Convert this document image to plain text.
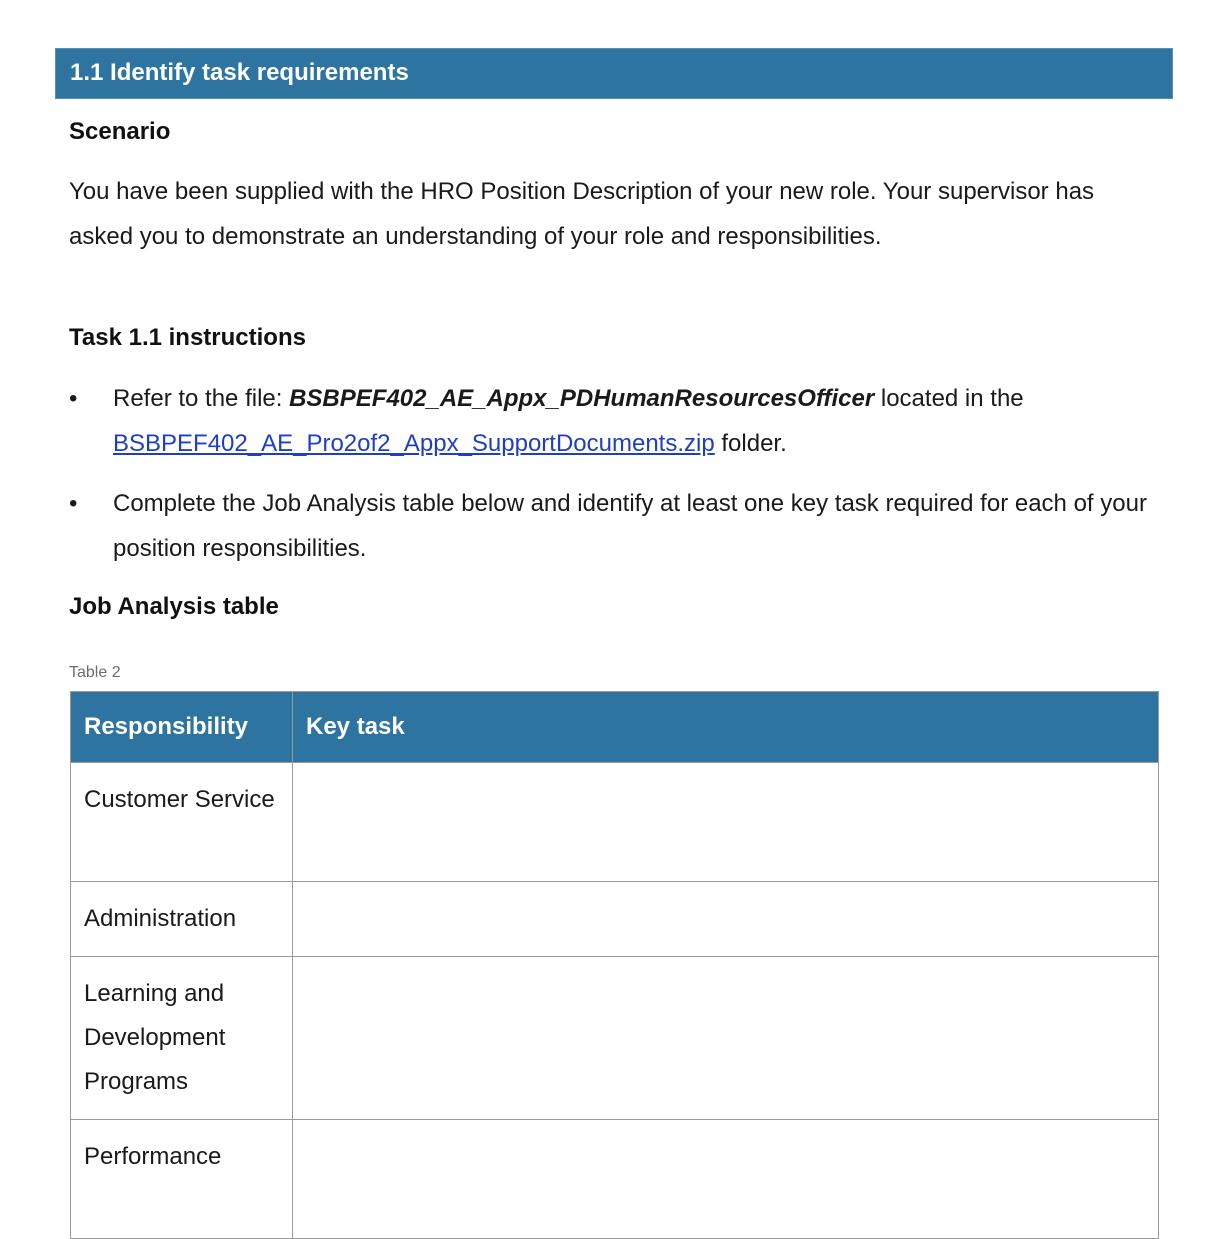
1.1 Identify task requirements
Scenario
You have been supplied with the HRO Position Description of your new role. Your supervisor has asked you to demonstrate an understanding of your role and responsibilities.
Task 1.1 instructions
• Refer to the file: BSBPEF402_AE_Appx_PDHumanResourcesOfficer located in the
BSBPEF402_AE_Pro2of2_Appx_SupportDocuments.zip folder.
• Complete the Job Analysis table below and identify at least one key task required for each of your position responsibilities.
Job Analysis table
Table 2
Responsibility	Key task
Customer Service	
Administration	
Learning and Development Programs	
Performance	
